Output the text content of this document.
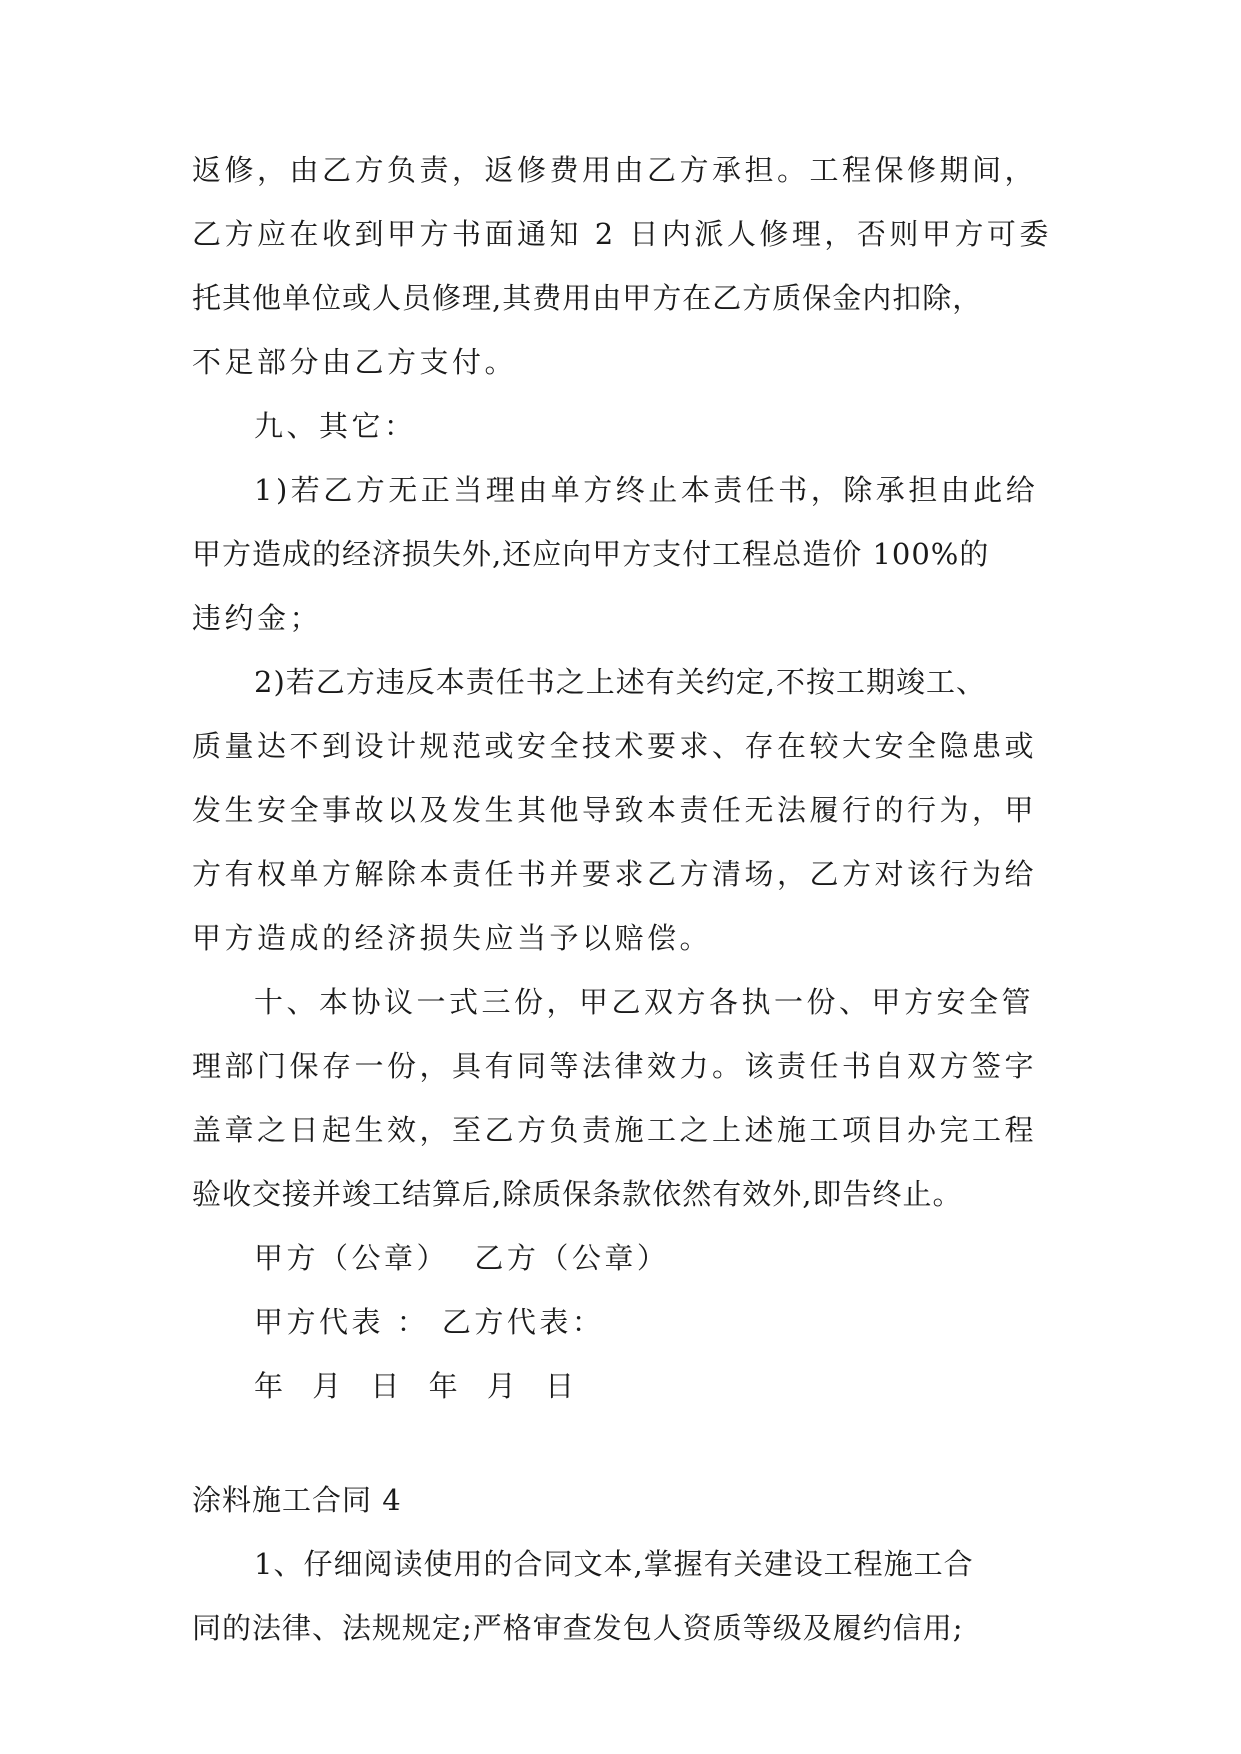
返修，由乙方负责，返修费用由乙方承担。工程保修期间，
乙方应在收到甲方书面通知 2 日内派人修理，否则甲方可委
托其他单位或人员修理,其费用由甲方在乙方质保金内扣除，
不足部分由乙方支付。
九、其它：
1)若乙方无正当理由单方终止本责任书，除承担由此给
甲方造成的经济损失外,还应向甲方支付工程总造价 100%的
违约金；
2)若乙方违反本责任书之上述有关约定,不按工期竣工、
质量达不到设计规范或安全技术要求、存在较大安全隐患或
发生安全事故以及发生其他导致本责任无法履行的行为，甲
方有权单方解除本责任书并要求乙方清场，乙方对该行为给
甲方造成的经济损失应当予以赔偿。
十、本协议一式三份，甲乙双方各执一份、甲方安全管
理部门保存一份，具有同等法律效力。该责任书自双方签字
盖章之日起生效，至乙方负责施工之上述施工项目办完工程
验收交接并竣工结算后,除质保条款依然有效外,即告终止。
甲方（公章）  乙方（公章）
甲方代表 ： 乙方代表：
年 月 日 年 月 日
涂料施工合同 4
1、仔细阅读使用的合同文本,掌握有关建设工程施工合
同的法律、法规规定;严格审查发包人资质等级及履约信用;
